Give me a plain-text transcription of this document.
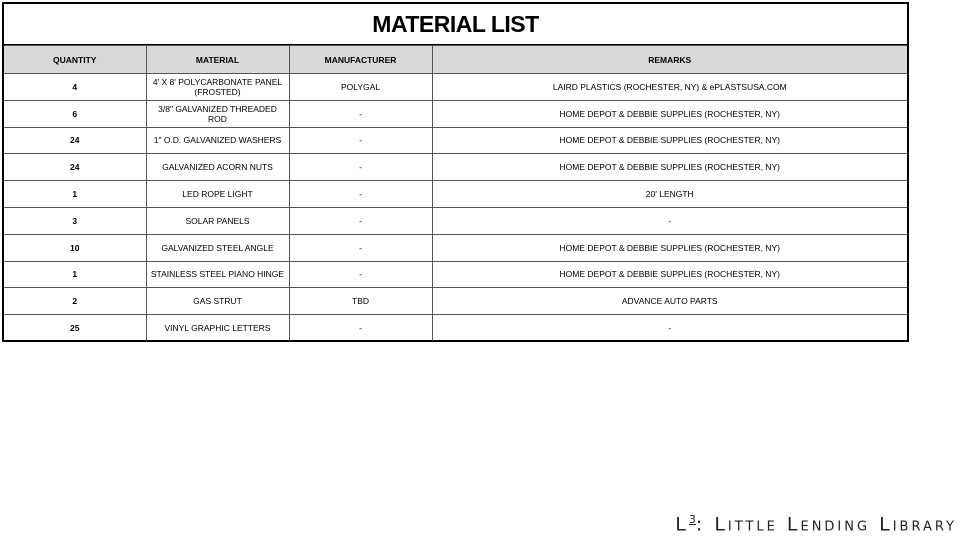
MATERIAL LIST
QUANTITY	MATERIAL	MANUFACTURER	REMARKS
4	4' X 8' POLYCARBONATE PANEL (FROSTED)	POLYGAL	LAIRD PLASTICS (ROCHESTER, NY) & ePLASTSUSA.COM
6	3/8" GALVANIZED THREADED ROD	-	HOME DEPOT & DEBBIE SUPPLIES (ROCHESTER, NY)
24	1" O.D. GALVANIZED WASHERS	-	HOME DEPOT & DEBBIE SUPPLIES (ROCHESTER, NY)
24	GALVANIZED ACORN NUTS	-	HOME DEPOT & DEBBIE SUPPLIES (ROCHESTER, NY)
1	LED ROPE LIGHT	-	20' LENGTH
3	SOLAR PANELS	-	-
10	GALVANIZED STEEL ANGLE	-	HOME DEPOT & DEBBIE SUPPLIES (ROCHESTER, NY)
1	STAINLESS STEEL PIANO HINGE	-	HOME DEPOT & DEBBIE SUPPLIES (ROCHESTER, NY)
2	GAS STRUT	TBD	ADVANCE AUTO PARTS
25	VINYL GRAPHIC LETTERS	-	-
$L^3$: Little Lending Library
